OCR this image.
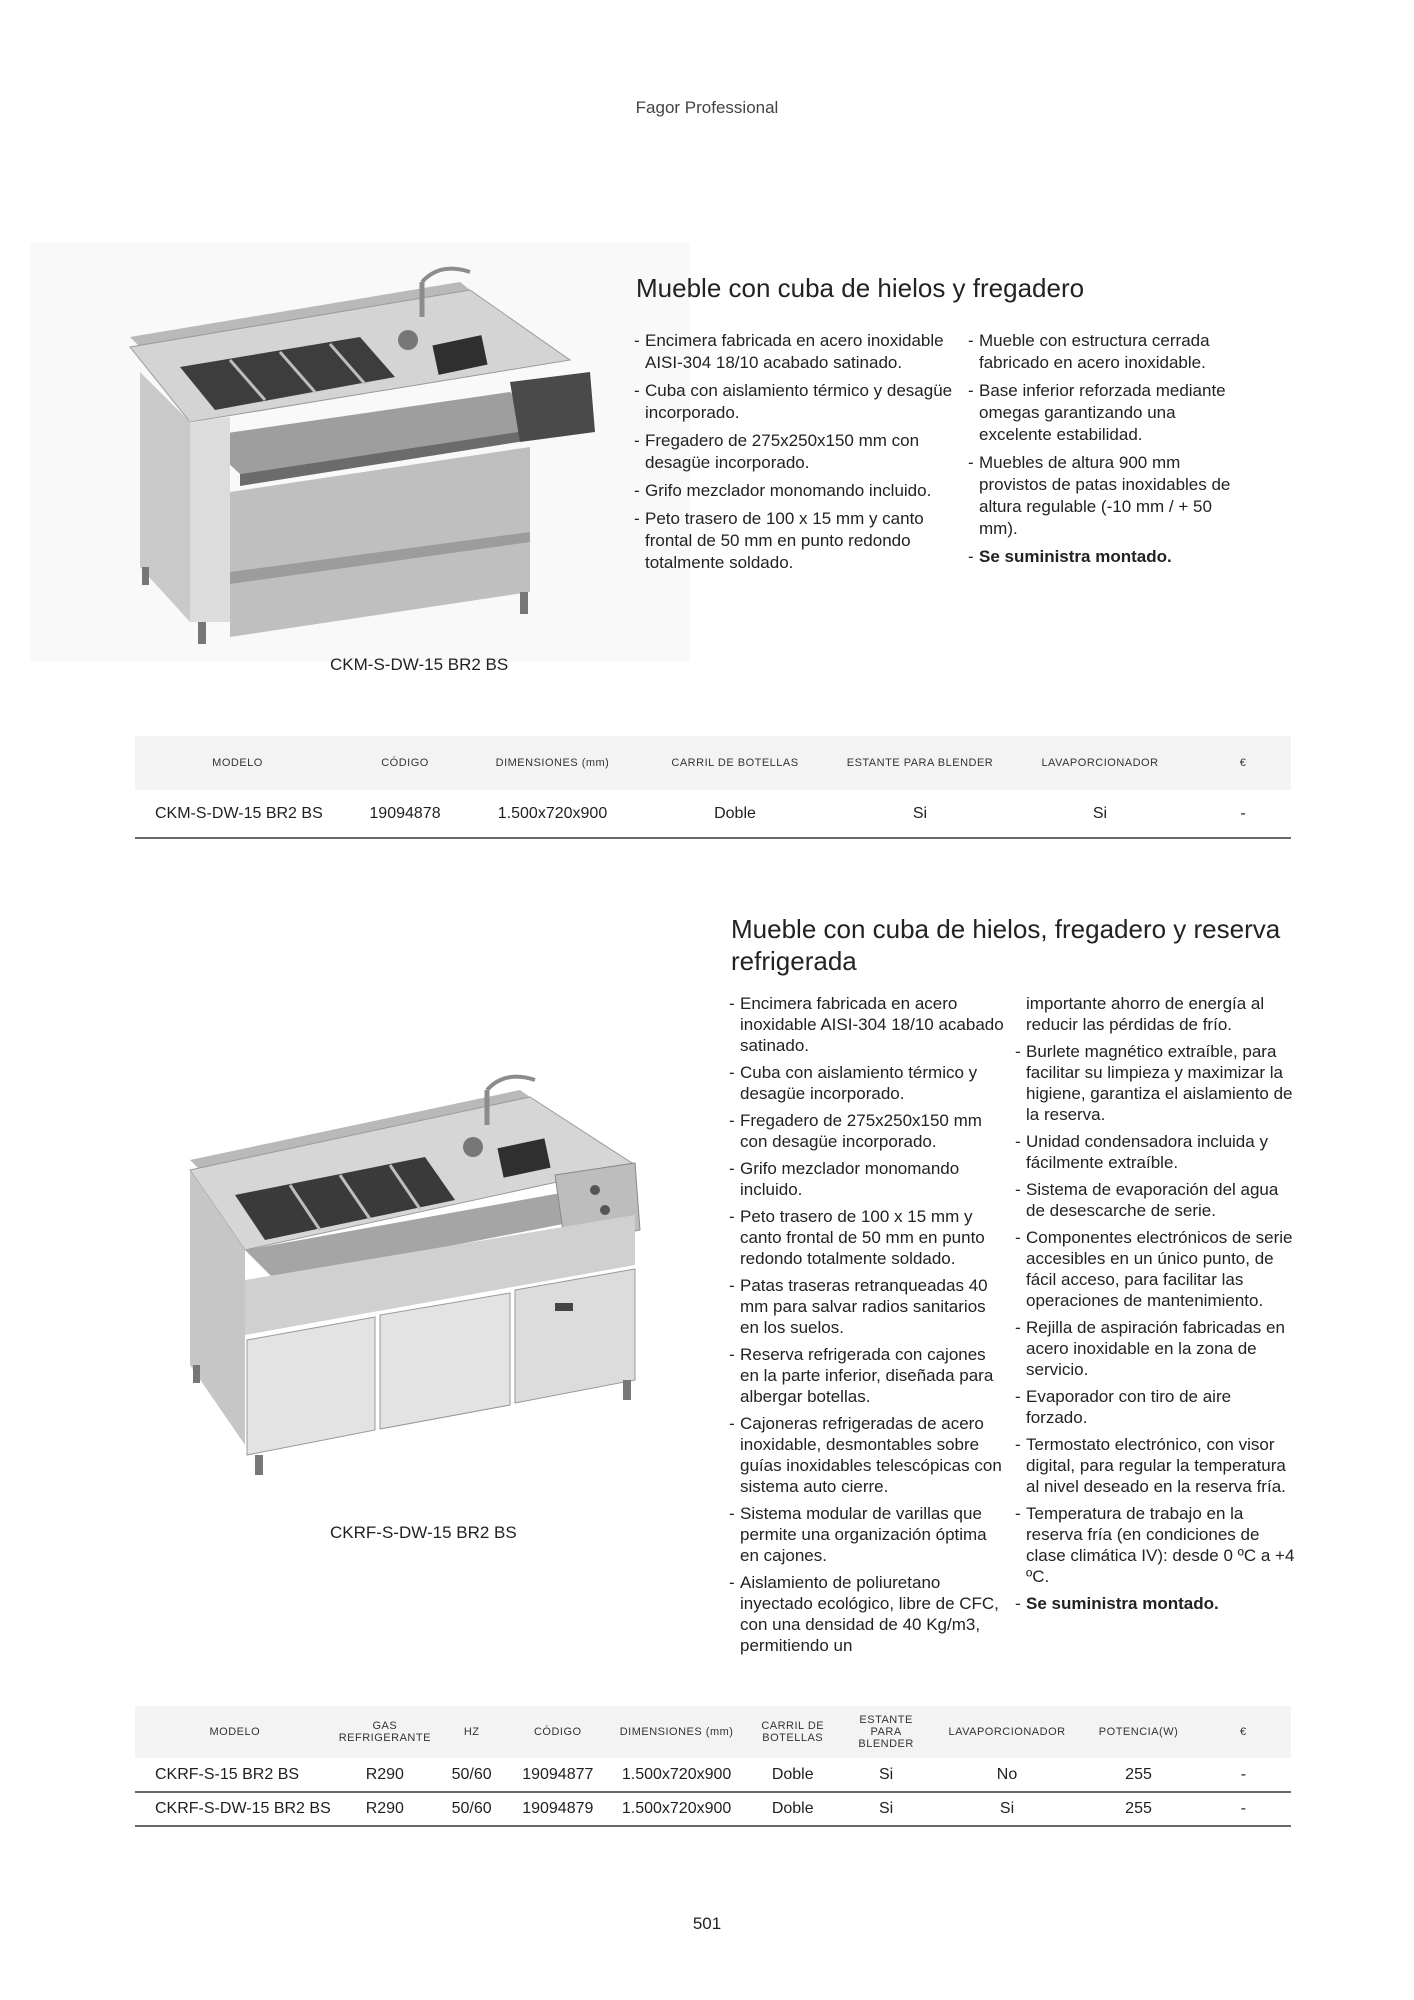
Fagor Professional
CKM-S-DW-15 BR2 BS
Mueble con cuba de hielos y fregadero
- Encimera fabricada en acero inoxidable AISI-304 18/10 acabado satinado.
- Cuba con aislamiento térmico y desagüe incorporado.
- Fregadero de 275x250x150 mm con desagüe incorporado.
- Grifo mezclador monomando incluido.
- Peto trasero de 100 x 15 mm y canto frontal de 50 mm en punto redondo totalmente soldado.
- Mueble con estructura cerrada fabricado en acero inoxidable.
- Base inferior reforzada mediante omegas garantizando una excelente estabilidad.
- Muebles de altura 900 mm provistos de patas inoxidables de altura regulable (-10 mm / + 50 mm).
- Se suministra montado.
MODELO	CÓDIGO	DIMENSIONES (mm)	CARRIL DE BOTELLAS	ESTANTE PARA BLENDER	LAVAPORCIONADOR	€
CKM-S-DW-15 BR2 BS	19094878	1.500x720x900	Doble	Si	Si	-
CKRF-S-DW-15 BR2 BS
Mueble con cuba de hielos, fregadero y reserva refrigerada
- Encimera fabricada en acero inoxidable AISI-304 18/10 acabado satinado.
- Cuba con aislamiento térmico y desagüe incorporado.
- Fregadero de 275x250x150 mm con desagüe incorporado.
- Grifo mezclador monomando incluido.
- Peto trasero de 100 x 15 mm y canto frontal de 50 mm en punto redondo totalmente soldado.
- Patas traseras retranqueadas 40 mm para salvar radios sanitarios en los suelos.
- Reserva refrigerada con cajones en la parte inferior, diseñada para albergar botellas.
- Cajoneras refrigeradas de acero inoxidable, desmontables sobre guías inoxidables telescópicas con sistema auto cierre.
- Sistema modular de varillas que permite una organización óptima en cajones.
- Aislamiento de poliuretano inyectado ecológico, libre de CFC, con una densidad de 40 Kg/m3, permitiendo un
importante ahorro de energía al reducir las pérdidas de frío.
- Burlete magnético extraíble, para facilitar su limpieza y maximizar la higiene, garantiza el aislamiento de la reserva.
- Unidad condensadora incluida y fácilmente extraíble.
- Sistema de evaporación del agua de desescarche de serie.
- Componentes electrónicos de serie accesibles en un único punto, de fácil acceso, para facilitar las operaciones de mantenimiento.
- Rejilla de aspiración fabricadas en acero inoxidable en la zona de servicio.
- Evaporador con tiro de aire forzado.
- Termostato electrónico, con visor digital, para regular la temperatura al nivel deseado en la reserva fría.
- Temperatura de trabajo en la reserva fría (en condiciones de clase climática IV): desde 0 ºC a +4 ºC.
- Se suministra montado.
MODELO	GAS REFRIGERANTE	HZ	CÓDIGO	DIMENSIONES (mm)	CARRIL DE BOTELLAS	ESTANTE PARA BLENDER	LAVAPORCIONADOR	POTENCIA(W)	€
CKRF-S-15 BR2 BS	R290	50/60	19094877	1.500x720x900	Doble	Si	No	255	-
CKRF-S-DW-15 BR2 BS	R290	50/60	19094879	1.500x720x900	Doble	Si	Si	255	-
501
